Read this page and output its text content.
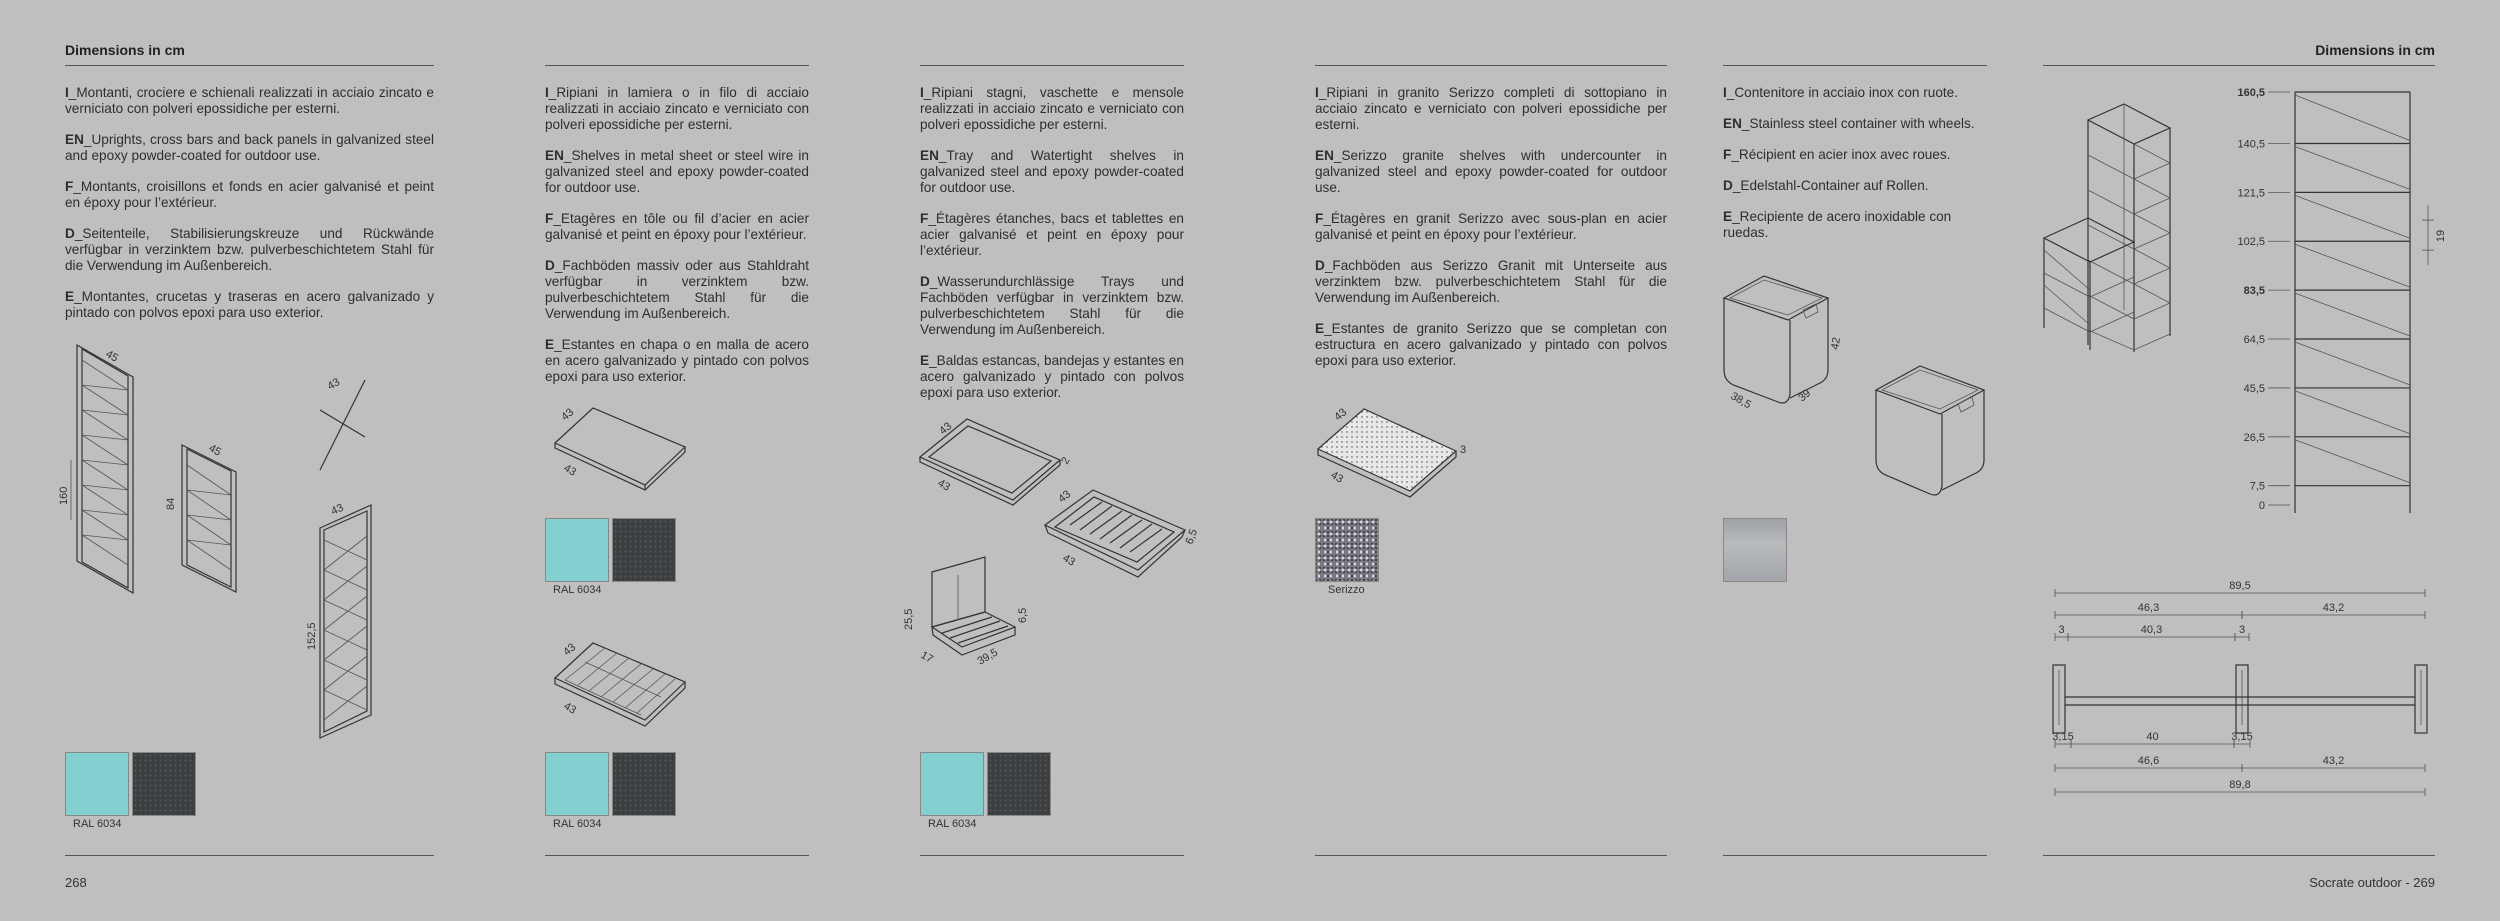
Dimensions in cm	Dimensions in cm
268	Socrate outdoor - 269

I_Montanti, crociere e schienali realizzati in acciaio zincato e verniciato con polveri epossidiche per esterni.

EN_Uprights, cross bars and back panels in galvanized steel and epoxy powder-coated for outdoor use.

F_Montants, croisillons et fonds en acier galvanisé et peint en époxy pour l’extérieur.

D_Seitenteile, Stabilisierungskreuze und Rückwände verfügbar in verzinktem bzw. pulverbeschichtetem Stahl für die Verwendung im Außenbereich.

E_Montantes, crucetas y traseras en acero galvanizado y pintado con polvos epoxi para uso exterior.

160
45
84
45
43
43
152,5
RAL 6034

I_Ripiani in lamiera o in filo di acciaio realizzati in acciaio zincato e verniciato con polveri epossidiche per esterni.

EN_Shelves in metal sheet or steel wire in galvanized steel and epoxy powder-coated for outdoor use.

F_Etagères en tôle ou fil d’acier en acier galvanisé et peint en époxy pour l’extérieur.

D_Fachböden massiv oder aus Stahldraht verfügbar in verzinktem bzw. pulverbeschichtetem Stahl für die Verwendung im Außenbereich.

E_Estantes en chapa o en malla de acero en acero galvanizado y pintado con polvos epoxi para uso exterior.

43
43
RAL 6034
43
43
RAL 6034

I_Ripiani stagni, vaschette e mensole realizzati in acciaio zincato e verniciato con polveri epossidiche per esterni.

EN_Tray and Watertight shelves in galvanized steel and epoxy powder-coated for outdoor use.

F_Étagères étanches, bacs et tablettes en acier galvanisé et peint en époxy pour l’extérieur.

D_Wasserundurchlässige Trays und Fachböden verfügbar in verzinktem bzw. pulverbeschichtetem Stahl für die Verwendung im Außenbereich.

E_Baldas estancas, bandejas y estantes en acero galvanizado y pintado con polvos epoxi para uso exterior.

43
43
2
43
43
6,5
25,5	6,5
17	39,5
RAL 6034

I_Ripiani in granito Serizzo completi di sottopiano in acciaio zincato e verniciato con polveri epossidiche per esterni.

EN_Serizzo granite shelves with undercounter in galvanized steel and epoxy powder-coated for outdoor use.

F_Étagères en granit Serizzo avec sous-plan en acier galvanisé et peint en époxy pour l’extérieur.

D_Fachböden aus Serizzo Granit mit Unterseite aus verzinktem bzw. pulverbeschichtetem Stahl für die Verwendung im Außenbereich.

E_Estantes de granito Serizzo que se completan con estructura en acero galvanizado y pintado con polvos epoxi para uso exterior.

43
43
3
Serizzo

I_Contenitore in acciaio inox con ruote.

EN_Stainless steel container with wheels.

F_Récipient en acier inox avec roues.

D_Edelstahl-Container auf Rollen.

E_Recipiente de acero inoxidable con ruedas.

42
38,5	39
160,5
140,5
121,5
102,5
83,5
64,5
45,5
26,5
7,5
0
19
89,5
46,3	43,2
3	40,3	3
3,15	40	3,15
46,6	43,2
89,8
